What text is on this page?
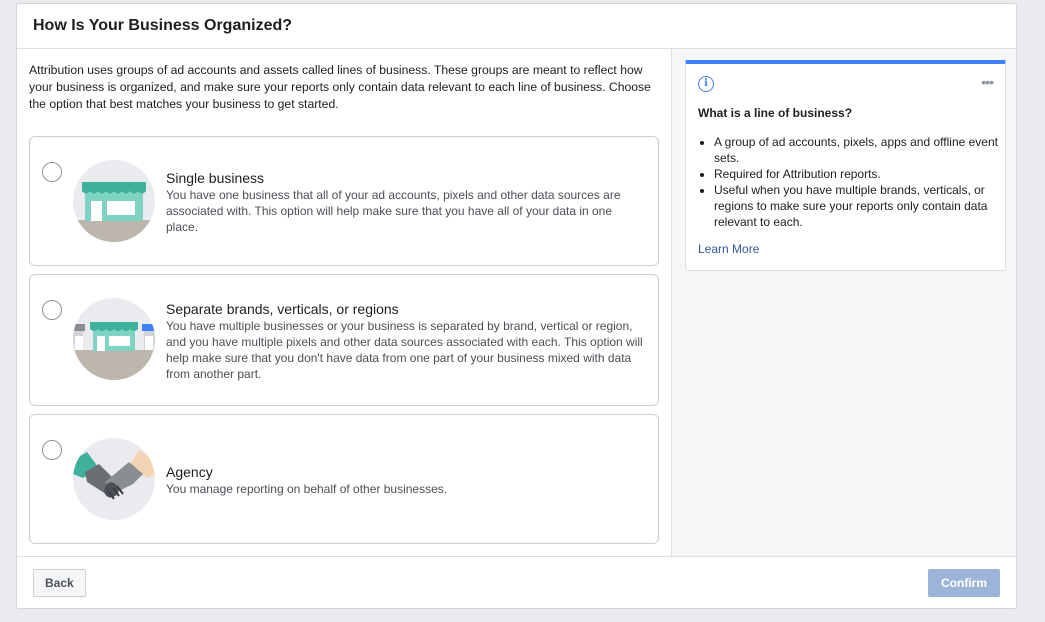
How Is Your Business Organized?

Attribution uses groups of ad accounts and assets called lines of business. These groups are meant to reflect how your business is organized, and make sure your reports only contain data relevant to each line of business. Choose the option that best matches your business to get started.

Single business
You have one business that all of your ad accounts, pixels and other data sources are associated with. This option will help make sure that you have all of your data in one place.
Separate brands, verticals, or regions
You have multiple businesses or your business is separated by brand, vertical or region, and you have multiple pixels and other data sources associated with each. This option will help make sure that you don't have data from one part of your business mixed with data from another part.
Agency
You manage reporting on behalf of other businesses.
i	•••
What is a line of business?
• A group of ad accounts, pixels, apps and offline event sets.
• Required for Attribution reports.
• Useful when you have multiple brands, verticals, or regions to make sure your reports only contain data relevant to each.
Learn More
Back	Confirm
